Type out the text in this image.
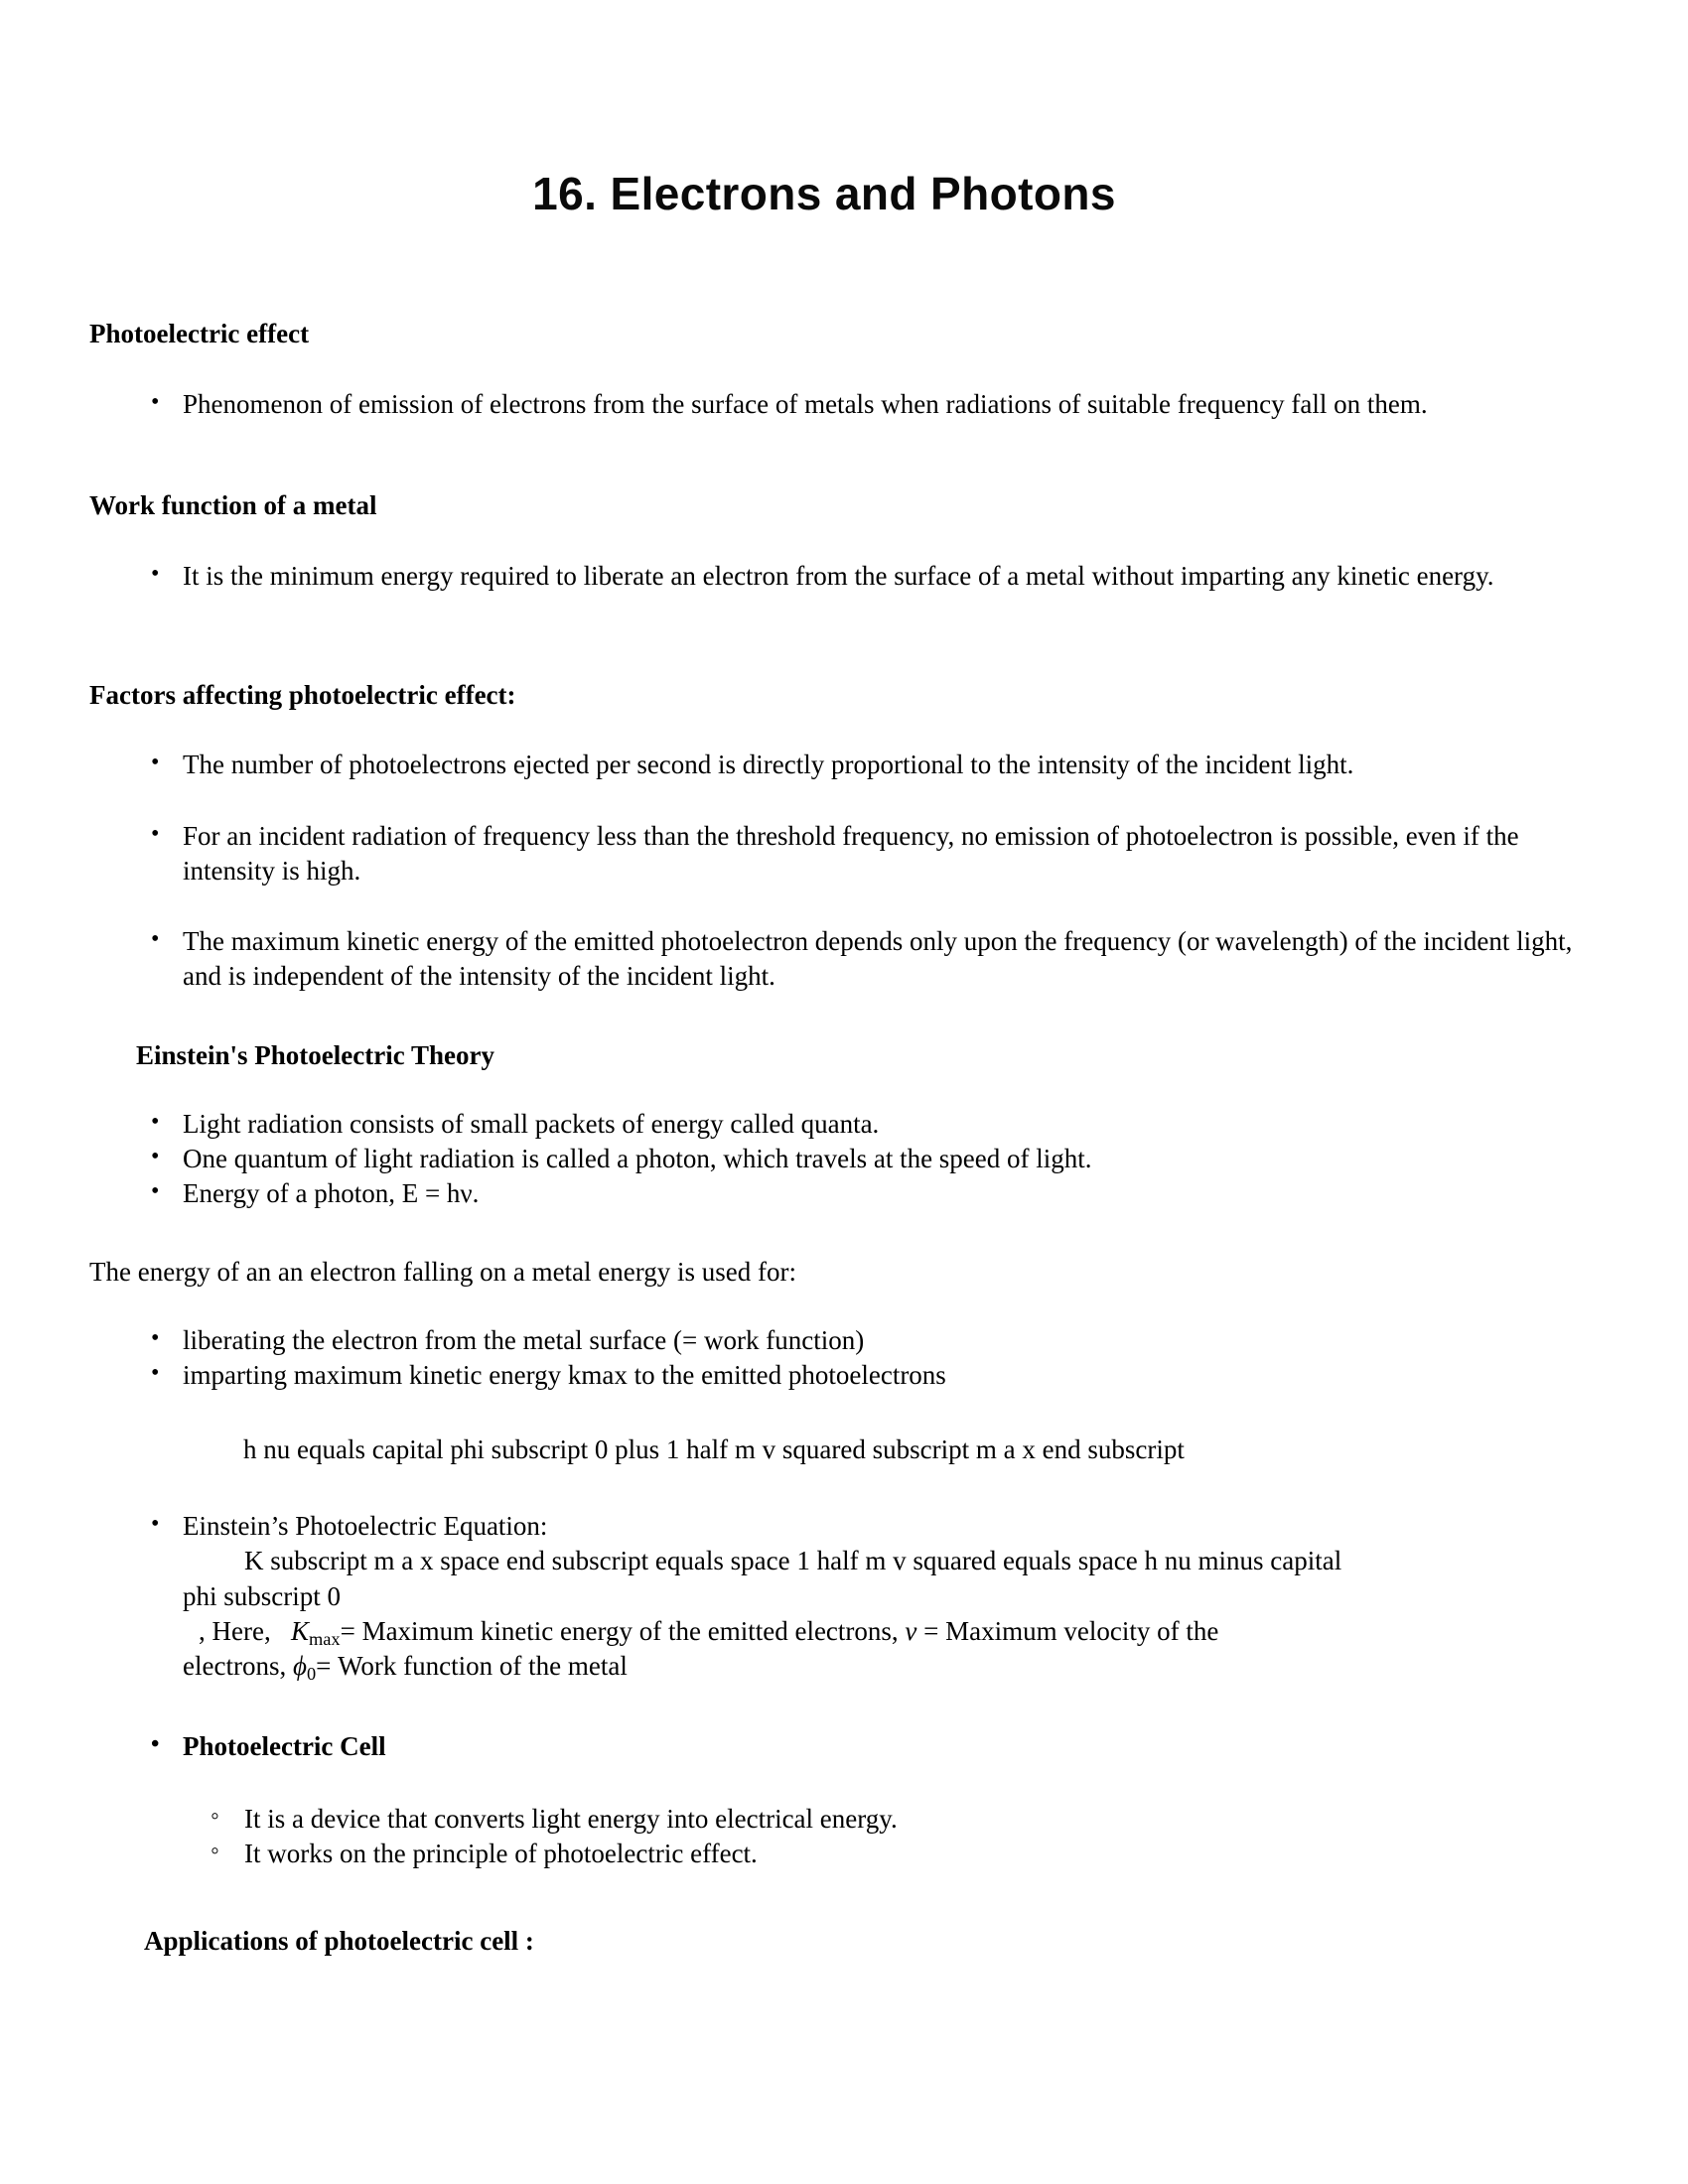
16. Electrons and Photons

Photoelectric effect

• Phenomenon of emission of electrons from the surface of metals when radiations of suitable frequency fall on them.

Work function of a metal

• It is the minimum energy required to liberate an electron from the surface of a metal without imparting any kinetic energy.

Factors affecting photoelectric effect:

• The number of photoelectrons ejected per second is directly proportional to the intensity of the incident light.
• For an incident radiation of frequency less than the threshold frequency, no emission of photoelectron is possible, even if the intensity is high.
• The maximum kinetic energy of the emitted photoelectron depends only upon the frequency (or wavelength) of the incident light, and is independent of the intensity of the incident light.

Einstein's Photoelectric Theory

• Light radiation consists of small packets of energy called quanta.
• One quantum of light radiation is called a photon, which travels at the speed of light.
• Energy of a photon, E = hν.

The energy of an an electron falling on a metal energy is used for:

• liberating the electron from the metal surface (= work function)
• imparting maximum kinetic energy kmax to the emitted photoelectrons

h nu equals capital phi subscript 0 plus 1 half m v squared subscript m a x end subscript

• Einstein’s Photoelectric Equation:
K subscript m a x space end subscript equals space 1 half m v squared equals space h nu minus capital
phi subscript 0
, Here, $K_{max}=$ Maximum kinetic energy of the emitted electrons, v = Maximum velocity of the
electrons, $\phi_0=$ Work function of the metal
• Photoelectric Cell
◦ It is a device that converts light energy into electrical energy.
◦ It works on the principle of photoelectric effect.

Applications of photoelectric cell :
